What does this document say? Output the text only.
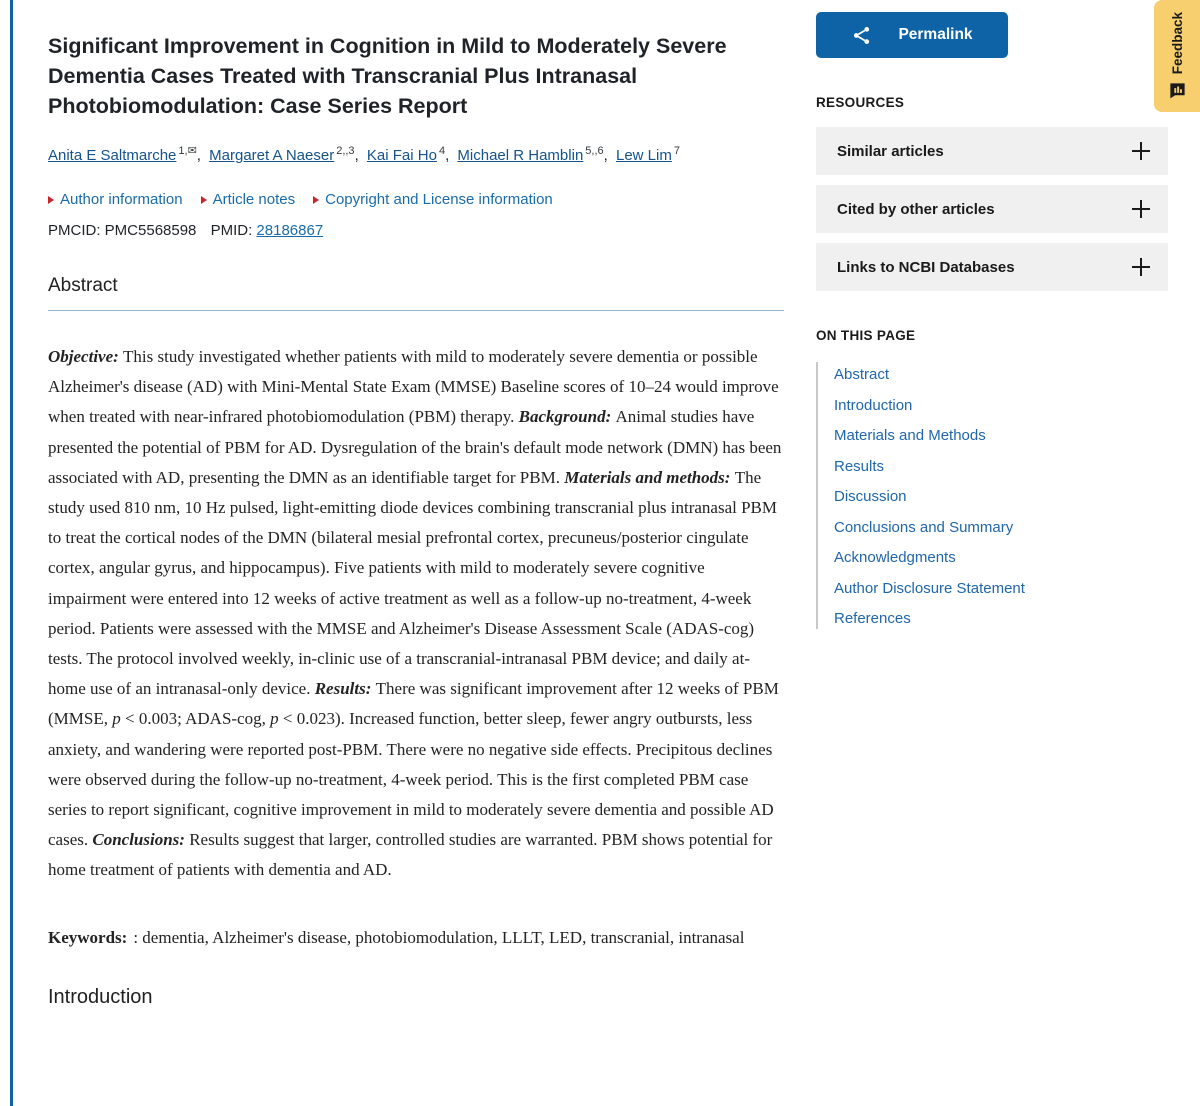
Significant Improvement in Cognition in Mild to Moderately Severe Dementia Cases Treated with Transcranial Plus Intranasal Photobiomodulation: Case Series Report
Anita E Saltmarche $^{1,✉}$, Margaret A Naeser $^{2,,3}$, Kai Fai Ho $^4$, Michael R Hamblin $^{5,,6}$, Lew Lim $^7$
Author information Article notes Copyright and License information
PMCID: PMC5568598 PMID: 28186867
Abstract

Objective: This study investigated whether patients with mild to moderately severe dementia or possible Alzheimer's disease (AD) with Mini-Mental State Exam (MMSE) Baseline scores of 10–24 would improve when treated with near-infrared photobiomodulation (PBM) therapy. Background: Animal studies have presented the potential of PBM for AD. Dysregulation of the brain's default mode network (DMN) has been associated with AD, presenting the DMN as an identifiable target for PBM. Materials and methods: The study used 810 nm, 10 Hz pulsed, light-emitting diode devices combining transcranial plus intranasal PBM to treat the cortical nodes of the DMN (bilateral mesial prefrontal cortex, precuneus/posterior cingulate cortex, angular gyrus, and hippocampus). Five patients with mild to moderately severe cognitive impairment were entered into 12 weeks of active treatment as well as a follow-up no-treatment, 4-week period. Patients were assessed with the MMSE and Alzheimer's Disease Assessment Scale (ADAS-cog) tests. The protocol involved weekly, in-clinic use of a transcranial-intranasal PBM device; and daily at-home use of an intranasal-only device. Results: There was significant improvement after 12 weeks of PBM (MMSE, p < 0.003; ADAS-cog, p < 0.023). Increased function, better sleep, fewer angry outbursts, less anxiety, and wandering were reported post-PBM. There were no negative side effects. Precipitous declines were observed during the follow-up no-treatment, 4-week period. This is the first completed PBM case series to report significant, cognitive improvement in mild to moderately severe dementia and possible AD cases. Conclusions: Results suggest that larger, controlled studies are warranted. PBM shows potential for home treatment of patients with dementia and AD.

Keywords: : dementia, Alzheimer's disease, photobiomodulation, LLLT, LED, transcranial, intranasal

Introduction
Permalink
RESOURCES
Similar articles
Cited by other articles
Links to NCBI Databases
ON THIS PAGE
Abstract
Introduction
Materials and Methods
Results
Discussion
Conclusions and Summary
Acknowledgments
Author Disclosure Statement
References
Feedback
